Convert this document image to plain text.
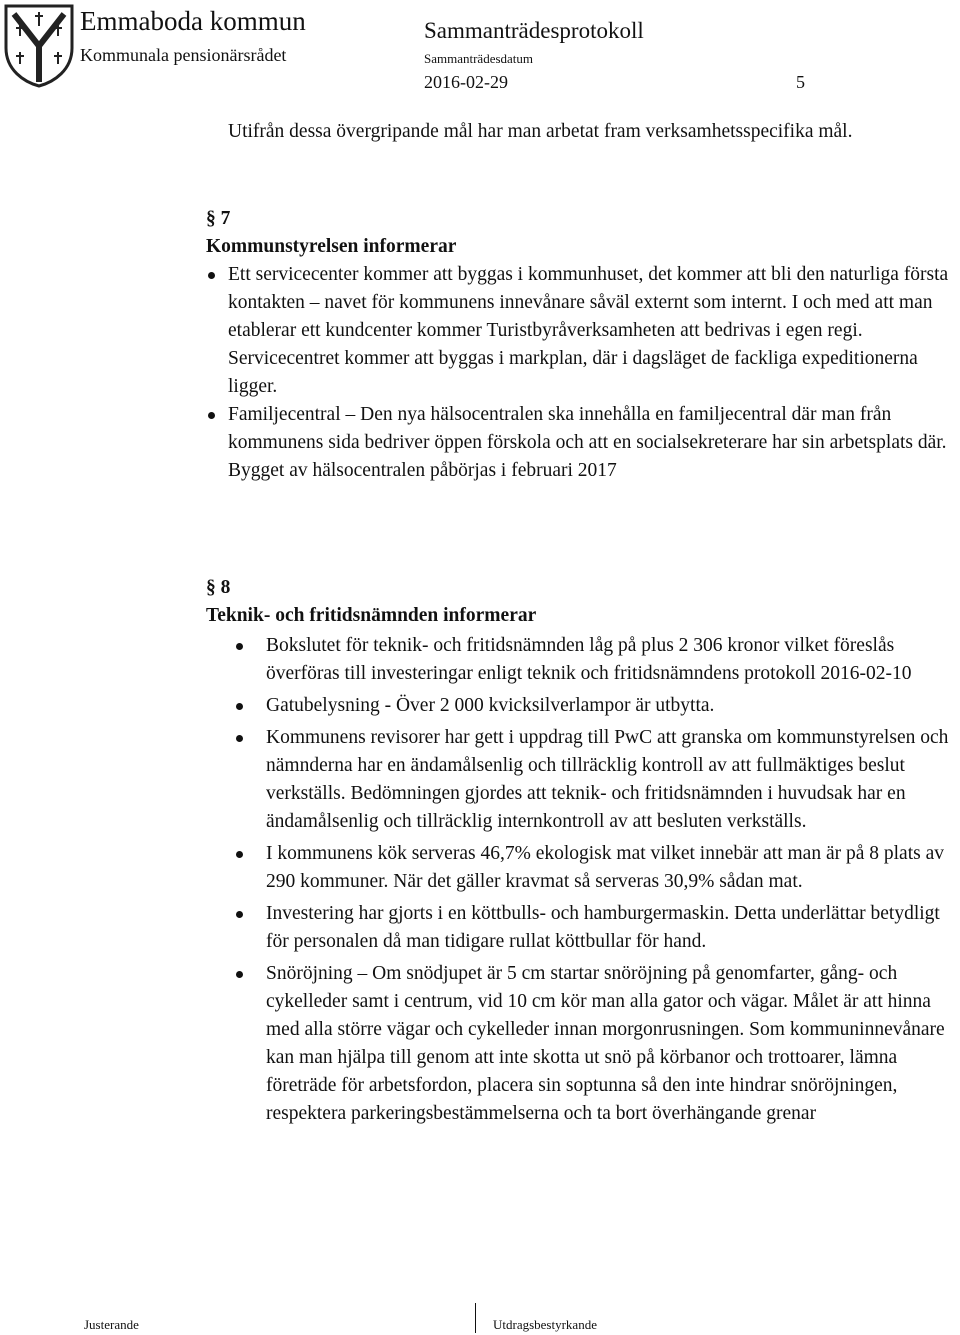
Emmaboda kommun
Kommunala pensionärsrådet
Sammanträdesprotokoll
Sammanträdesdatum
2016-02-29	5

Utifrån dessa övergripande mål har man arbetat fram verksamhetsspecifika mål.

§ 7
Kommunstyrelsen informerar
Ett servicecenter kommer att byggas i kommunhuset, det kommer att bli den naturliga första kontakten – navet för kommunens innevånare såväl externt som internt. I och med att man etablerar ett kundcenter kommer Turistbyråverksamheten att bedrivas i egen regi. Servicecentret kommer att byggas i markplan, där i dagsläget de fackliga expeditionerna ligger.
Familjecentral – Den nya hälsocentralen ska innehålla en familjecentral där man från kommunens sida bedriver öppen förskola och att en socialsekreterare har sin arbetsplats där. Bygget av hälsocentralen påbörjas i februari 2017
§ 8
Teknik- och fritidsnämnden informerar
Bokslutet för teknik- och fritidsnämnden låg på plus 2 306 kronor vilket föreslås överföras till investeringar enligt teknik och fritidsnämndens protokoll 2016-02-10
Gatubelysning - Över 2 000 kvicksilverlampor är utbytta.
Kommunens revisorer har gett i uppdrag till PwC att granska om kommunstyrelsen och nämnderna har en ändamålsenlig och tillräcklig kontroll av att fullmäktiges beslut verkställs. Bedömningen gjordes att teknik- och fritidsnämnden i huvudsak har en ändamålsenlig och tillräcklig internkontroll av att besluten verkställs.
I kommunens kök serveras 46,7% ekologisk mat vilket innebär att man är på 8 plats av 290 kommuner. När det gäller kravmat så serveras 30,9% sådan mat.
Investering har gjorts i en köttbulls- och hamburgermaskin. Detta underlättar betydligt för personalen då man tidigare rullat köttbullar för hand.
Snöröjning – Om snödjupet är 5 cm startar snöröjning på genomfarter, gång- och cykelleder samt i centrum, vid 10 cm kör man alla gator och vägar. Målet är att hinna med alla större vägar och cykelleder innan morgonrusningen. Som kommuninnevånare kan man hjälpa till genom att inte skotta ut snö på körbanor och trottoarer, lämna företräde för arbetsfordon, placera sin soptunna så den inte hindrar snöröjningen, respektera parkeringsbestämmelserna och ta bort överhängande grenar
Justerande	Utdragsbestyrkande
